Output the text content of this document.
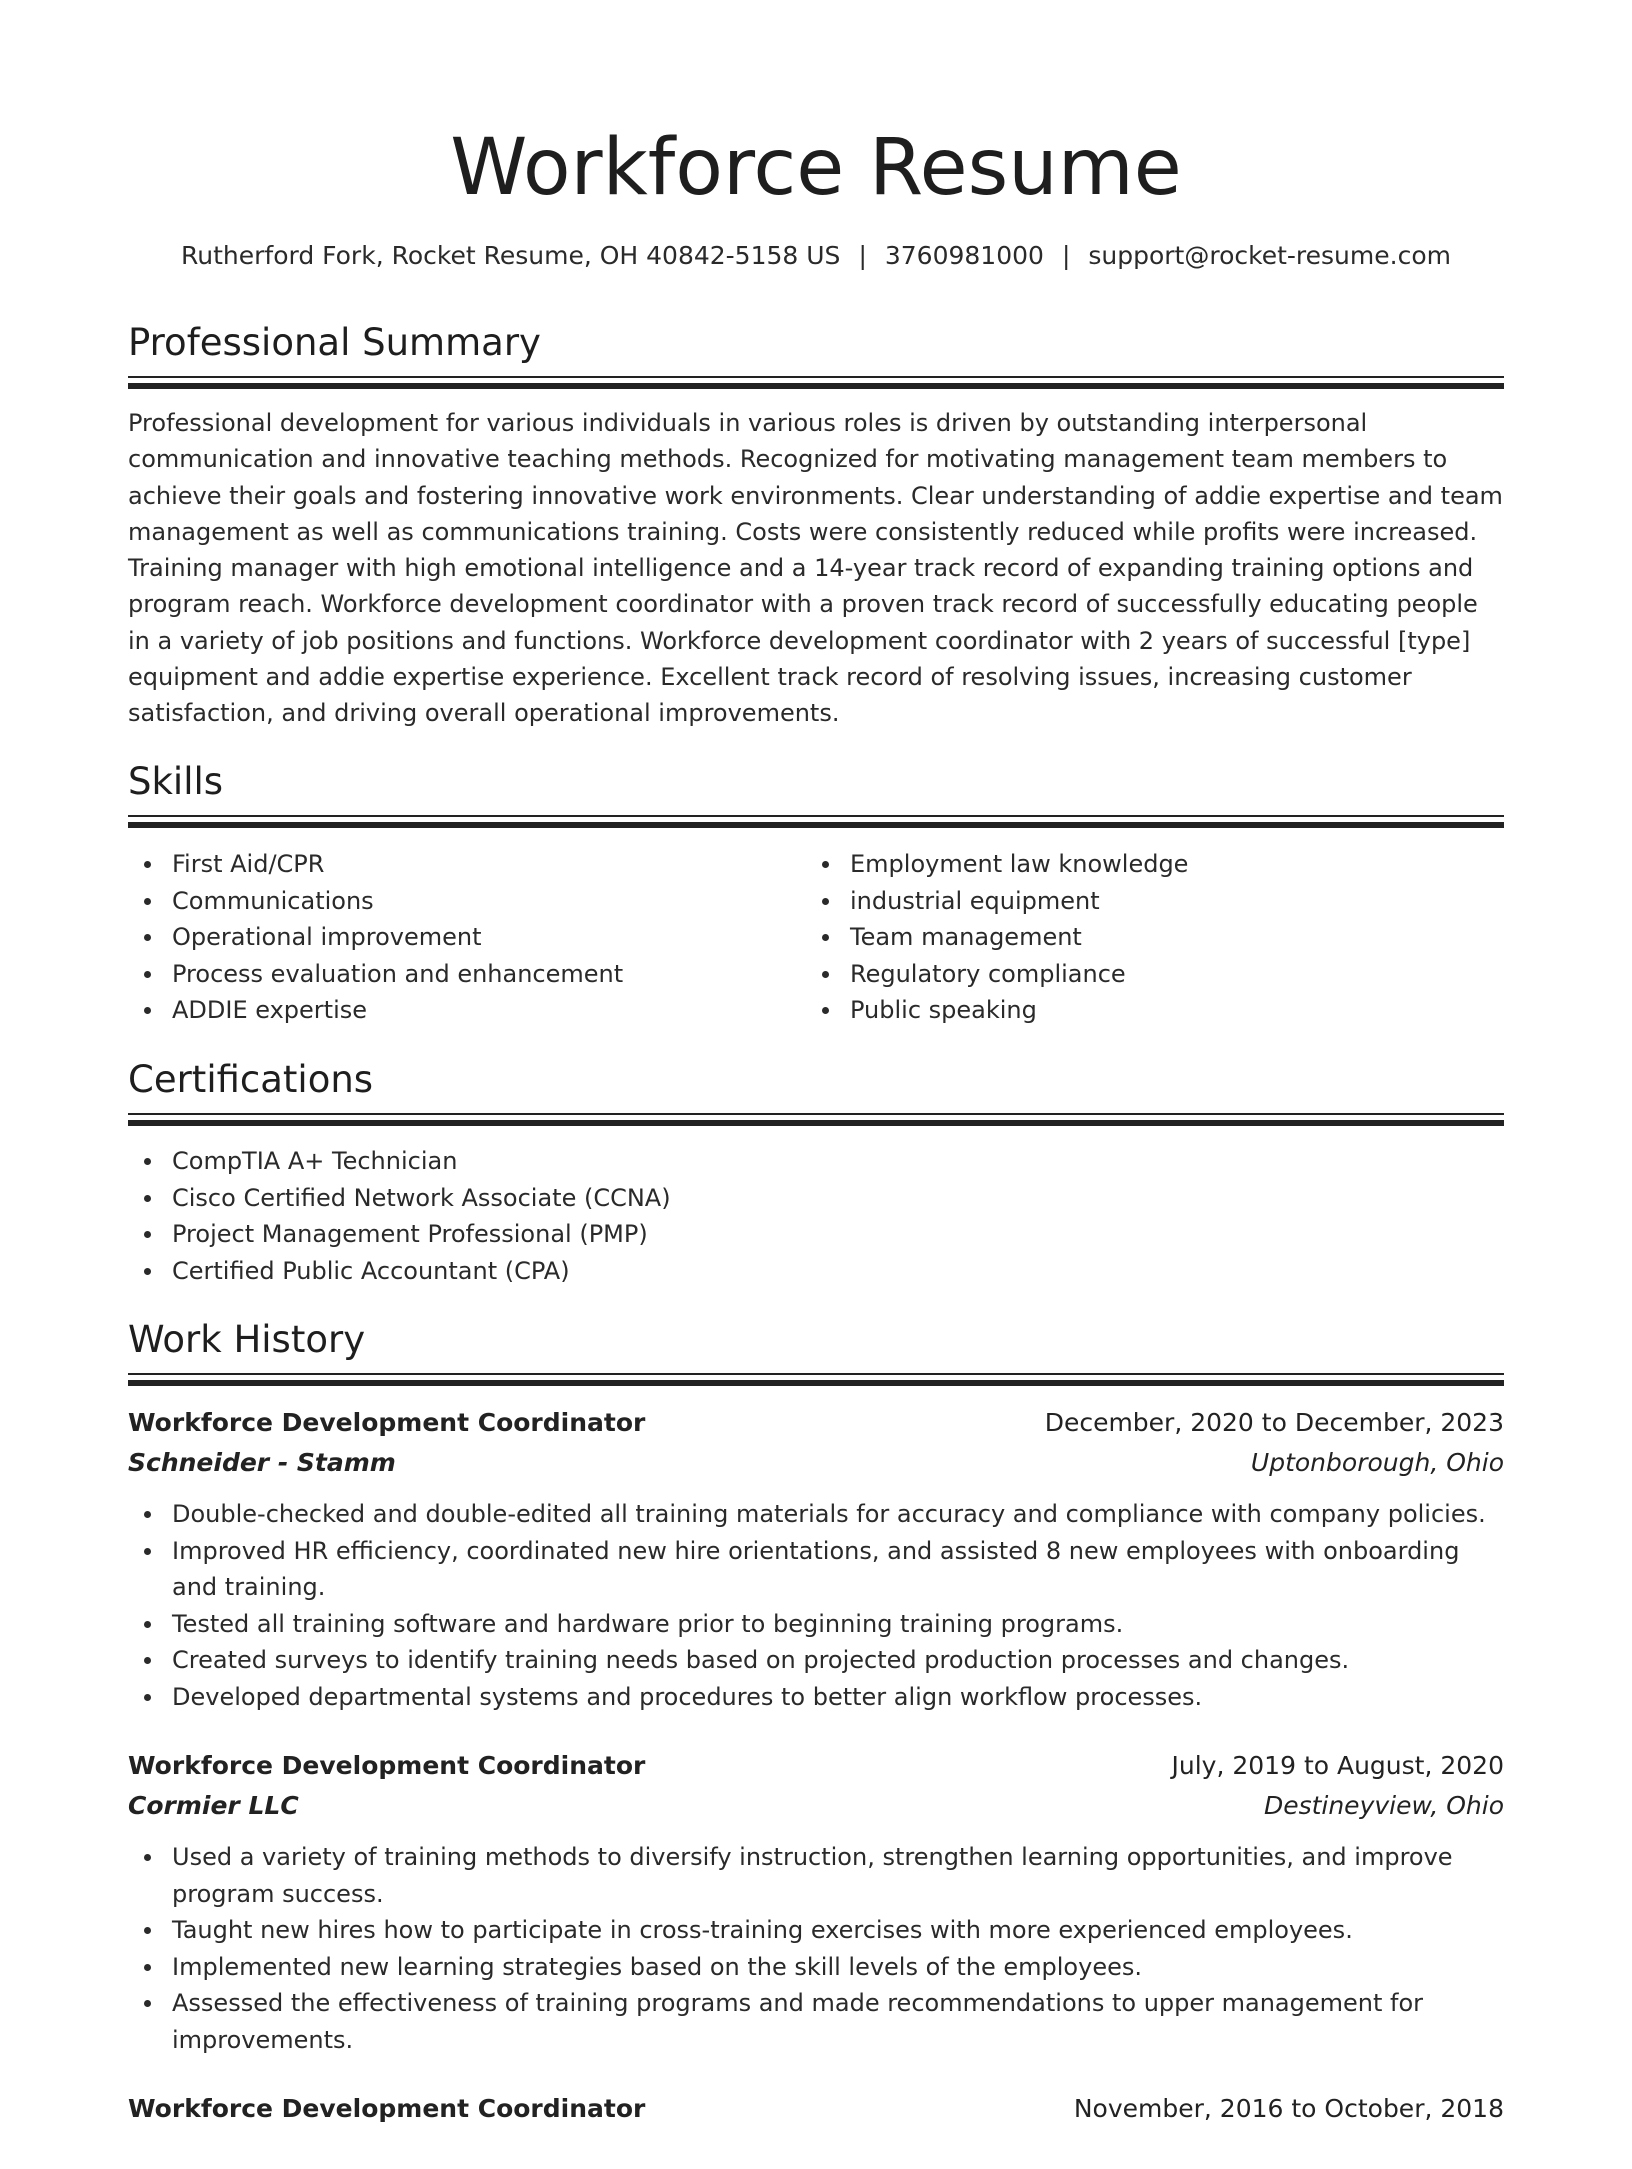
Workforce Resume
Rutherford Fork, Rocket Resume, OH 40842-5158 US | 3760981000 | support@rocket-resume.com
Professional Summary

Professional development for various individuals in various roles is driven by outstanding interpersonal communication and innovative teaching methods. Recognized for motivating management team members to achieve their goals and fostering innovative work environments. Clear understanding of addie expertise and team management as well as communications training. Costs were consistently reduced while profits were increased. Training manager with high emotional intelligence and a 14-year track record of expanding training options and program reach. Workforce development coordinator with a proven track record of successfully educating people in a variety of job positions and functions. Workforce development coordinator with 2 years of successful [type] equipment and addie expertise experience. Excellent track record of resolving issues, increasing customer satisfaction, and driving overall operational improvements.

Skills
First Aid/CPR
Communications
Operational improvement
Process evaluation and enhancement
ADDIE expertise
Employment law knowledge
industrial equipment
Team management
Regulatory compliance
Public speaking
Certifications
CompTIA A+ Technician
Cisco Certified Network Associate (CCNA)
Project Management Professional (PMP)
Certified Public Accountant (CPA)
Work History
Workforce Development Coordinator	December, 2020 to December, 2023
Schneider - Stamm	Uptonborough, Ohio
Double-checked and double-edited all training materials for accuracy and compliance with company policies.
Improved HR efficiency, coordinated new hire orientations, and assisted 8 new employees with onboarding and training.
Tested all training software and hardware prior to beginning training programs.
Created surveys to identify training needs based on projected production processes and changes.
Developed departmental systems and procedures to better align workflow processes.
Workforce Development Coordinator	July, 2019 to August, 2020
Cormier LLC	Destineyview, Ohio
Used a variety of training methods to diversify instruction, strengthen learning opportunities, and improve program success.
Taught new hires how to participate in cross-training exercises with more experienced employees.
Implemented new learning strategies based on the skill levels of the employees.
Assessed the effectiveness of training programs and made recommendations to upper management for improvements.
Workforce Development Coordinator	November, 2016 to October, 2018
